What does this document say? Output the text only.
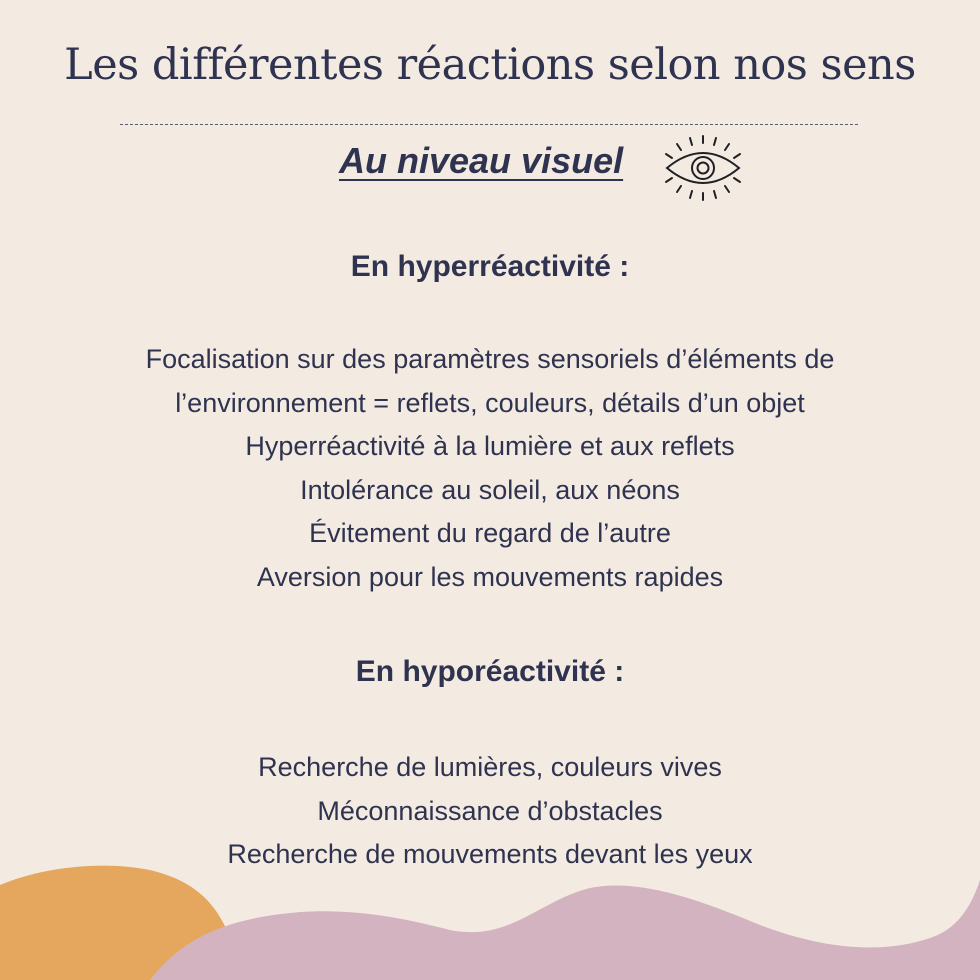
Les différentes réactions selon nos sens
Au niveau visuel
En hyperréactivité :
Focalisation sur des paramètres sensoriels d’éléments de
l’environnement = reflets, couleurs, détails d’un objet
Hyperréactivité à la lumière et aux reflets
Intolérance au soleil, aux néons
Évitement du regard de l’autre
Aversion pour les mouvements rapides
En hyporéactivité :
Recherche de lumières, couleurs vives
Méconnaissance d’obstacles
Recherche de mouvements devant les yeux
